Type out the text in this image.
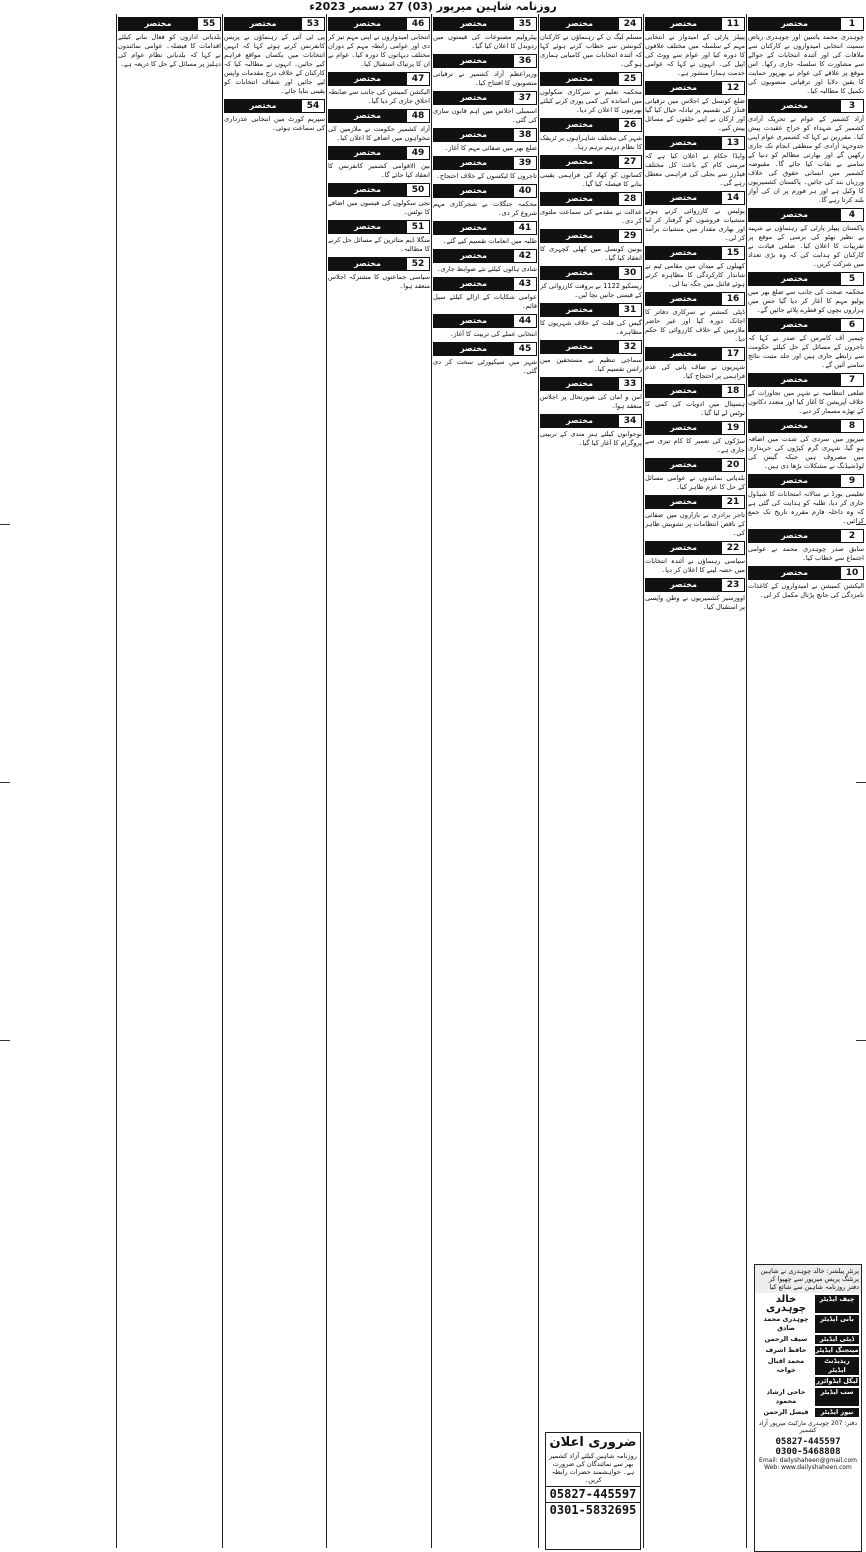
روزنامہ شاہین میرپور (03) 27 دسمبر 2023ء
1
مختصر

چوہدری محمد یاسین اور چوہدری ریاض سمیت انتخابی امیدواروں نے کارکنان سے ملاقات کی اور آئندہ انتخابات کے حوالے سے مشاورت کا سلسلہ جاری رکھا۔ اس موقع پر علاقے کی عوام نے بھرپور حمایت کا یقین دلایا اور ترقیاتی منصوبوں کی تکمیل کا مطالبہ کیا۔

3
مختصر

آزاد کشمیر کے عوام نے تحریک آزادی کشمیر کے شہداء کو خراج عقیدت پیش کیا۔ مقررین نے کہا کہ کشمیری عوام اپنی جدوجہد آزادی کو منطقی انجام تک جاری رکھیں گے اور بھارتی مظالم کو دنیا کے سامنے بے نقاب کیا جائے گا۔ مقبوضہ کشمیر میں انسانی حقوق کی خلاف ورزیاں بند کی جائیں۔ پاکستان کشمیریوں کا وکیل ہے اور ہر فورم پر ان کی آواز بلند کرتا رہے گا۔

4
مختصر

پاکستان پیپلز پارٹی کے رہنماؤں نے شہید بے نظیر بھٹو کی برسی کے موقع پر تقریبات کا اعلان کیا۔ ضلعی قیادت نے کارکنان کو ہدایت کی کہ وہ بڑی تعداد میں شرکت کریں۔

5
مختصر

محکمہ صحت کی جانب سے ضلع بھر میں پولیو مہم کا آغاز کر دیا گیا جس میں ہزاروں بچوں کو قطرے پلائے جائیں گے۔

6
مختصر

چیمبر آف کامرس کے صدر نے کہا کہ تاجروں کے مسائل کے حل کیلئے حکومت سے رابطے جاری ہیں اور جلد مثبت نتائج سامنے آئیں گے۔

7
مختصر

ضلعی انتظامیہ نے شہر میں تجاوزات کے خلاف آپریشن کا آغاز کیا اور متعدد دکانوں کے تھڑے مسمار کر دیے۔

8
مختصر

میرپور میں سردی کی شدت میں اضافہ ہو گیا، شہری گرم کپڑوں کی خریداری میں مصروف ہیں جبکہ گیس کی لوڈشیڈنگ نے مشکلات بڑھا دی ہیں۔

9
مختصر

تعلیمی بورڈ نے سالانہ امتحانات کا شیڈول جاری کر دیا، طلبہ کو ہدایت کی گئی ہے کہ وہ داخلہ فارم مقررہ تاریخ تک جمع کرائیں۔

2
مختصر

سابق صدر چوہدری محمد نے عوامی اجتماع سے خطاب کیا۔

10
مختصر

الیکشن کمیشن نے امیدواروں کے کاغذات نامزدگی کی جانچ پڑتال مکمل کر لی۔

11
مختصر

پیپلز پارٹی کے امیدوار نے انتخابی مہم کے سلسلہ میں مختلف علاقوں کا دورہ کیا اور عوام سے ووٹ کی اپیل کی۔ انہوں نے کہا کہ عوامی خدمت ہمارا منشور ہے۔

12
مختصر

ضلع کونسل کے اجلاس میں ترقیاتی فنڈز کی تقسیم پر تبادلہ خیال کیا گیا اور ارکان نے اپنے حلقوں کے مسائل پیش کیے۔

13
مختصر

واپڈا حکام نے اعلان کیا ہے کہ مرمتی کام کے باعث کل مختلف فیڈرز سے بجلی کی فراہمی معطل رہے گی۔

14
مختصر

پولیس نے کارروائی کرتے ہوئے منشیات فروشوں کو گرفتار کر لیا اور بھاری مقدار میں منشیات برآمد کر لی۔

15
مختصر

کھیلوں کے میدان میں مقامی ٹیم نے شاندار کارکردگی کا مظاہرہ کرتے ہوئے فائنل میں جگہ بنا لی۔

16
مختصر

ڈپٹی کمشنر نے سرکاری دفاتر کا اچانک دورہ کیا اور غیر حاضر ملازمین کے خلاف کارروائی کا حکم دیا۔

17
مختصر

شہریوں نے صاف پانی کی عدم فراہمی پر احتجاج کیا۔

18
مختصر

ہسپتال میں ادویات کی کمی کا نوٹس لے لیا گیا۔

19
مختصر

سڑکوں کی تعمیر کا کام تیزی سے جاری ہے۔

20
مختصر

بلدیاتی نمائندوں نے عوامی مسائل کے حل کا عزم ظاہر کیا۔

21
مختصر

تاجر برادری نے بازاروں میں صفائی کے ناقص انتظامات پر تشویش ظاہر کی۔

22
مختصر

سیاسی رہنماؤں نے آئندہ انتخابات میں حصہ لینے کا اعلان کر دیا۔

23
مختصر

اوورسیز کشمیریوں نے وطن واپسی پر استقبال کیا۔

24
مختصر

مسلم لیگ ن کے رہنماؤں نے کارکنان کنونشن سے خطاب کرتے ہوئے کہا کہ آئندہ انتخابات میں کامیابی ہماری ہو گی۔

25
مختصر

محکمہ تعلیم نے سرکاری سکولوں میں اساتذہ کی کمی پوری کرنے کیلئے بھرتیوں کا اعلان کر دیا۔

26
مختصر

شہر کی مختلف شاہراہوں پر ٹریفک کا نظام درہم برہم رہا۔

27
مختصر

کسانوں کو کھاد کی فراہمی یقینی بنانے کا فیصلہ کیا گیا۔

28
مختصر

عدالت نے مقدمے کی سماعت ملتوی کر دی۔

29
مختصر

یونین کونسل میں کھلی کچہری کا انعقاد کیا گیا۔

30
مختصر

ریسکیو 1122 نے بروقت کارروائی کر کے قیمتی جانیں بچا لیں۔

31
مختصر

گیس کی قلت کے خلاف شہریوں کا مظاہرہ۔

32
مختصر

سماجی تنظیم نے مستحقین میں راشن تقسیم کیا۔

33
مختصر

امن و امان کی صورتحال پر اجلاس منعقد ہوا۔

34
مختصر

نوجوانوں کیلئے ہنر مندی کے تربیتی پروگرام کا آغاز کیا گیا۔

35
مختصر

پیٹرولیم مصنوعات کی قیمتوں میں ردوبدل کا اعلان کیا گیا۔

36
مختصر

وزیراعظم آزاد کشمیر نے ترقیاتی منصوبوں کا افتتاح کیا۔

37
مختصر

اسمبلی اجلاس میں اہم قانون سازی کی گئی۔

38
مختصر

ضلع بھر میں صفائی مہم کا آغاز۔

39
مختصر

تاجروں کا ٹیکسوں کے خلاف احتجاج۔

40
مختصر

محکمہ جنگلات نے شجرکاری مہم شروع کر دی۔

41
مختصر

طلبہ میں انعامات تقسیم کیے گئے۔

42
مختصر

شادی ہالوں کیلئے نئے ضوابط جاری۔

43
مختصر

عوامی شکایات کے ازالے کیلئے سیل قائم۔

44
مختصر

انتخابی عملے کی تربیت کا آغاز۔

45
مختصر

شہر میں سیکیورٹی سخت کر دی گئی۔

46
مختصر

انتخابی امیدواروں نے اپنی مہم تیز کر دی اور عوامی رابطہ مہم کے دوران مختلف دیہاتوں کا دورہ کیا۔ عوام نے ان کا پرتپاک استقبال کیا۔

47
مختصر

الیکشن کمیشن کی جانب سے ضابطہ اخلاق جاری کر دیا گیا۔

48
مختصر

آزاد کشمیر حکومت نے ملازمین کی تنخواہوں میں اضافے کا اعلان کیا۔

49
مختصر

بین الاقوامی کشمیر کانفرنس کا انعقاد کیا جائے گا۔

50
مختصر

نجی سکولوں کی فیسوں میں اضافے کا نوٹس۔

51
مختصر

منگلا ڈیم متاثرین کے مسائل حل کرنے کا مطالبہ۔

52
مختصر

سیاسی جماعتوں کا مشترکہ اجلاس منعقد ہوا۔

53
مختصر

پی ٹی آئی کے رہنماؤں نے پریس کانفرنس کرتے ہوئے کہا کہ انہیں انتخابات میں یکساں مواقع فراہم کیے جائیں۔ انہوں نے مطالبہ کیا کہ کارکنان کے خلاف درج مقدمات واپس لیے جائیں اور شفاف انتخابات کو یقینی بنایا جائے۔

54
مختصر

سپریم کورٹ میں انتخابی عذرداری کی سماعت ہوئی۔

55
مختصر

بلدیاتی اداروں کو فعال بنانے کیلئے اقدامات کا فیصلہ۔ عوامی نمائندوں نے کہا کہ بلدیاتی نظام عوام کی دہلیز پر مسائل کے حل کا ذریعہ ہے۔

ضروری اعلان
روزنامہ شاہین کیلئے آزاد کشمیر بھر سے نمائندگان کی ضرورت ہے۔ خواہشمند حضرات رابطہ کریں۔
05827-445597
0301-5832695
پرنٹر پبلشر: خالد چوہدری نے شاہین پرنٹنگ پریس میرپور سے چھپوا کر دفتر روزنامہ شاہین سے شائع کیا
چیف ایڈیٹر
خالد چوہدری
بانی ایڈیٹر
چوہدری محمد صادق
ڈپٹی ایڈیٹر
سیف الرحمن
مینجنگ ایڈیٹر
حافظ اشرف
ریذیڈنٹ ایڈیٹر
محمد اقبال خواجہ
لیگل ایڈوائزر
سب ایڈیٹر
حاجی ارشاد محمود
نیوز ایڈیٹر
فیصل الرحمن
دفتر: 207 چوہدری مارکیٹ میرپور آزاد کشمیر
05827-445597
0300-5468808
Email: dailyshaheen@gmail.com
Web: www.dailyshaheen.com
